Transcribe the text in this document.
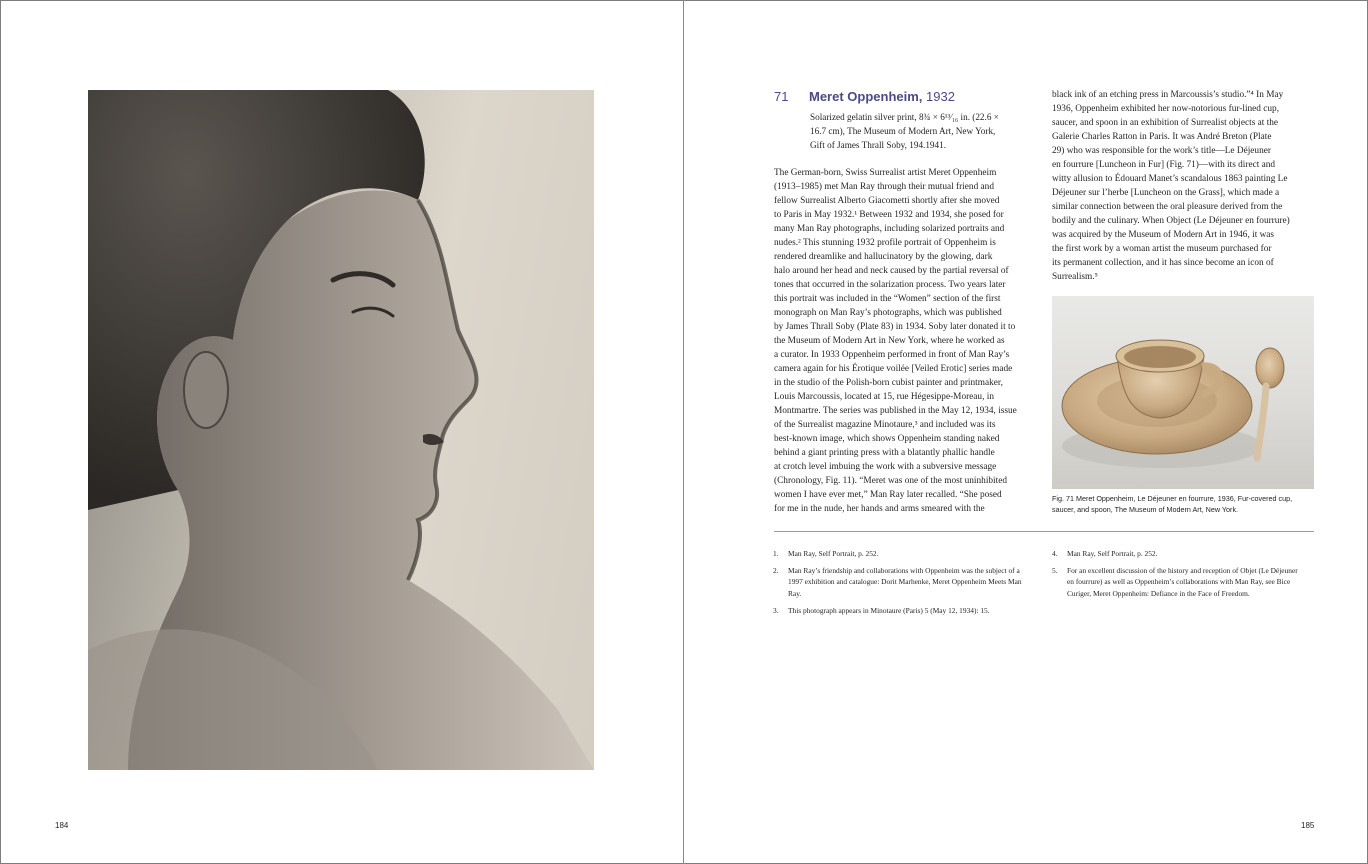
184
71 Meret Oppenheim, 1932
Solarized gelatin silver print, 8¾ × 6¹³⁄₁₆ in. (22.6 ×
16.7 cm), The Museum of Modern Art, New York,
Gift of James Thrall Soby, 194.1941.
The German-born, Swiss Surrealist artist Meret Oppenheim
(1913–1985) met Man Ray through their mutual friend and
fellow Surrealist Alberto Giacometti shortly after she moved
to Paris in May 1932.¹ Between 1932 and 1934, she posed for
many Man Ray photographs, including solarized portraits and
nudes.² This stunning 1932 profile portrait of Oppenheim is
rendered dreamlike and hallucinatory by the glowing, dark
halo around her head and neck caused by the partial reversal of
tones that occurred in the solarization process. Two years later
this portrait was included in the “Women” section of the first
monograph on Man Ray’s photographs, which was published
by James Thrall Soby (Plate 83) in 1934. Soby later donated it to
the Museum of Modern Art in New York, where he worked as
a curator. In 1933 Oppenheim performed in front of Man Ray’s
camera again for his Érotique voilée [Veiled Erotic] series made
in the studio of the Polish-born cubist painter and printmaker,
Louis Marcoussis, located at 15, rue Hégesippe-Moreau, in
Montmartre. The series was published in the May 12, 1934, issue
of the Surrealist magazine Minotaure,³ and included was its
best-known image, which shows Oppenheim standing naked
behind a giant printing press with a blatantly phallic handle
at crotch level imbuing the work with a subversive message
(Chronology, Fig. 11). “Meret was one of the most uninhibited
women I have ever met,” Man Ray later recalled. “She posed
for me in the nude, her hands and arms smeared with the
black ink of an etching press in Marcoussis’s studio.”⁴ In May
1936, Oppenheim exhibited her now-notorious fur-lined cup,
saucer, and spoon in an exhibition of Surrealist objects at the
Galerie Charles Ratton in Paris. It was André Breton (Plate
29) who was responsible for the work’s title—Le Déjeuner
en fourrure [Luncheon in Fur] (Fig. 71)—with its direct and
witty allusion to Édouard Manet’s scandalous 1863 painting Le
Déjeuner sur l’herbe [Luncheon on the Grass], which made a
similar connection between the oral pleasure derived from the
bodily and the culinary. When Object (Le Déjeuner en fourrure)
was acquired by the Museum of Modern Art in 1946, it was
the first work by a woman artist the museum purchased for
its permanent collection, and it has since become an icon of
Surrealism.⁵
Fig. 71 Meret Oppenheim, Le Déjeuner en fourrure, 1936, Fur-covered cup,
saucer, and spoon, The Museum of Modern Art, New York.
1. Man Ray, Self Portrait, p. 252.
2. Man Ray’s friendship and collaborations with Oppenheim was the subject of a 1997 exhibition and catalogue: Dorit Marhenke, Meret Oppenheim Meets Man Ray.
3. This photograph appears in Minotaure (Paris) 5 (May 12, 1934): 15.
4. Man Ray, Self Portrait, p. 252.
5. For an excellent discussion of the history and reception of Objet (Le Déjeuner en fourrure) as well as Oppenheim’s collaborations with Man Ray, see Bice Curiger, Meret Oppenheim: Defiance in the Face of Freedom.
185
